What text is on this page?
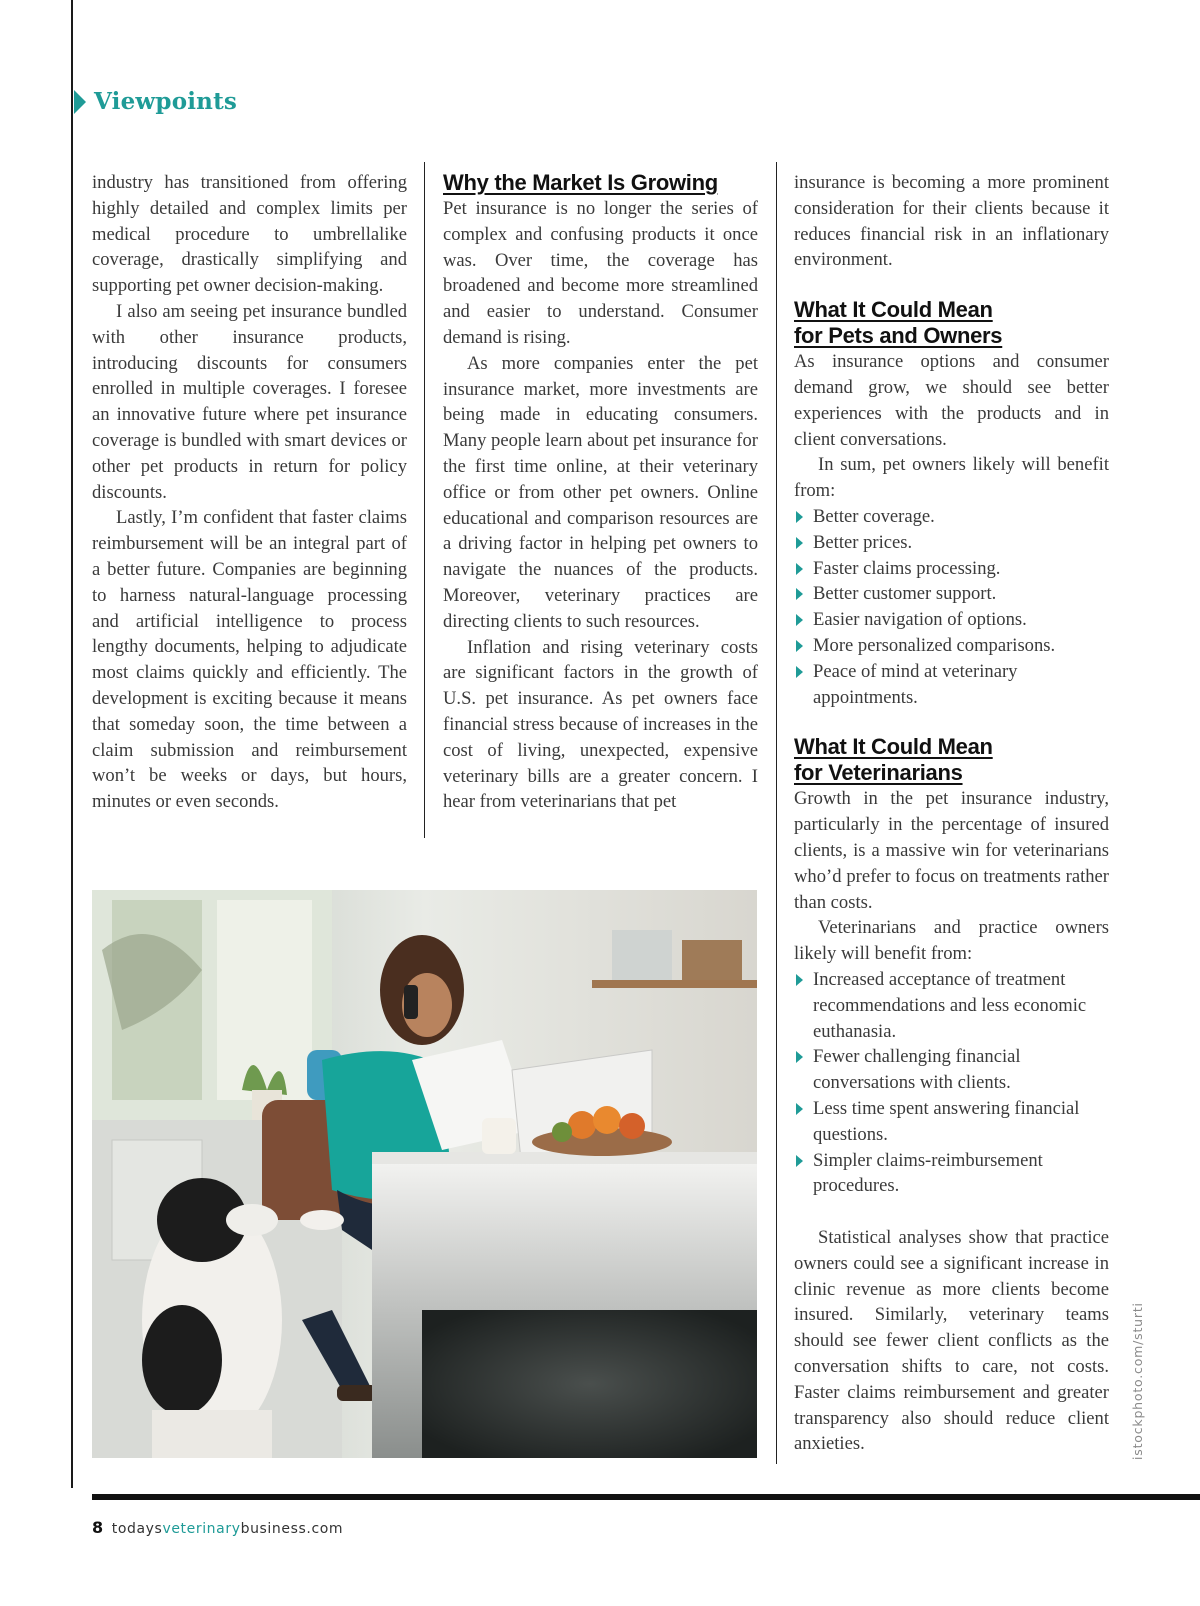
Viewpoints

industry has transitioned from offering highly detailed and complex limits per medical procedure to umbrellalike coverage, drastically simplifying and supporting pet owner decision-making.

I also am seeing pet insurance bundled with other insurance products, introducing discounts for consumers enrolled in multiple coverages. I foresee an innovative future where pet insurance coverage is bundled with smart devices or other pet products in return for policy discounts.

Lastly, I’m confident that faster claims reimbursement will be an integral part of a better future. Companies are beginning to harness natural-language processing and artificial intelligence to process lengthy documents, helping to adjudicate most claims quickly and efficiently. The development is exciting because it means that someday soon, the time between a claim submission and reimbursement won’t be weeks or days, but hours, minutes or even seconds.

Why the Market Is Growing

Pet insurance is no longer the series of complex and confusing products it once was. Over time, the coverage has broadened and become more streamlined and easier to understand. Consumer demand is rising.

As more companies enter the pet insurance market, more investments are being made in educating consumers. Many people learn about pet insurance for the first time online, at their veterinary office or from other pet owners. Online educational and comparison resources are a driving factor in helping pet owners to navigate the nuances of the products. Moreover, veterinary practices are directing clients to such resources.

Inflation and rising veterinary costs are significant factors in the growth of U.S. pet insurance. As pet owners face financial stress because of increases in the cost of living, unexpected, expensive veterinary bills are a greater concern. I hear from veterinarians that pet

insurance is becoming a more prominent consideration for their clients because it reduces financial risk in an inflationary environment.

What It Could Mean
for Pets and Owners

As insurance options and consumer demand grow, we should see better experiences with the products and in client conversations.

In sum, pet owners likely will benefit from:

Better coverage.
Better prices.
Faster claims processing.
Better customer support.
Easier navigation of options.
More personalized comparisons.
Peace of mind at veterinary appointments.
What It Could Mean
for Veterinarians

Growth in the pet insurance industry, particularly in the percentage of insured clients, is a massive win for veterinarians who’d prefer to focus on treatments rather than costs.

Veterinarians and practice owners likely will benefit from:

Increased acceptance of treatment recommendations and less economic euthanasia.
Fewer challenging financial conversations with clients.
Less time spent answering financial questions.
Simpler claims-reimbursement procedures.

Statistical analyses show that practice owners could see a significant increase in clinic revenue as more clients become insured. Similarly, veterinary teams should see fewer client conflicts as the conversation shifts to care, not costs. Faster claims reimbursement and greater transparency also should reduce client anxieties.	istockphoto.com/sturti
8 todaysveterinarybusiness.com
